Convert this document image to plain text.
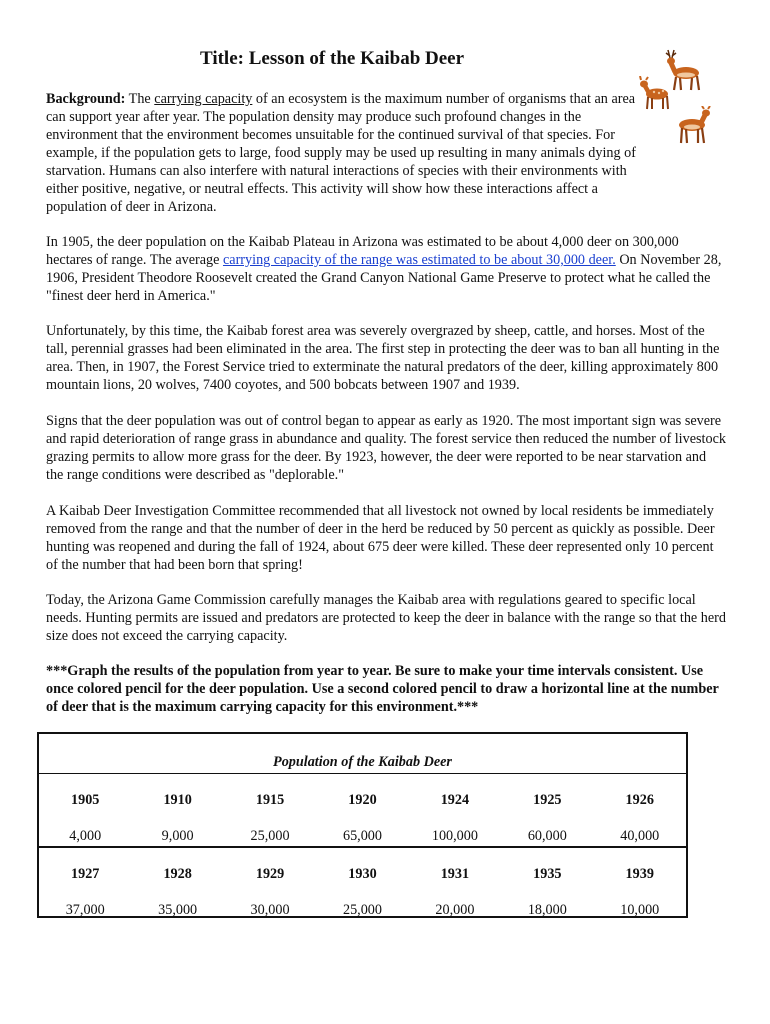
Title: Lesson of the Kaibab Deer

Background: The carrying capacity of an ecosystem is the maximum number of organisms that an area can support year after year. The population density may produce such profound changes in the environment that the environment becomes unsuitable for the continued survival of that species. For example, if the population gets to large, food supply may be used up resulting in many animals dying of starvation. Humans can also interfere with natural interactions of species with their environments with either positive, negative, or neutral effects. This activity will show how these interactions affect a population of deer in Arizona.

In 1905, the deer population on the Kaibab Plateau in Arizona was estimated to be about 4,000 deer on 300,000 hectares of range. The average carrying capacity of the range was estimated to be about 30,000 deer. On November 28, 1906, President Theodore Roosevelt created the Grand Canyon National Game Preserve to protect what he called the "finest deer herd in America."

Unfortunately, by this time, the Kaibab forest area was severely overgrazed by sheep, cattle, and horses. Most of the tall, perennial grasses had been eliminated in the area. The first step in protecting the deer was to ban all hunting in the area. Then, in 1907, the Forest Service tried to exterminate the natural predators of the deer, killing approximately 800 mountain lions, 20 wolves, 7400 coyotes, and 500 bobcats between 1907 and 1939.

Signs that the deer population was out of control began to appear as early as 1920. The most important sign was severe and rapid deterioration of range grass in abundance and quality. The forest service then reduced the number of livestock grazing permits to allow more grass for the deer. By 1923, however, the deer were reported to be near starvation and the range conditions were described as "deplorable."

A Kaibab Deer Investigation Committee recommended that all livestock not owned by local residents be immediately removed from the range and that the number of deer in the herd be reduced by 50 percent as quickly as possible. Deer hunting was reopened and during the fall of 1924, about 675 deer were killed. These deer represented only 10 percent of the number that had been born that spring!

Today, the Arizona Game Commission carefully manages the Kaibab area with regulations geared to specific local needs. Hunting permits are issued and predators are protected to keep the deer in balance with the range so that the herd size does not exceed the carrying capacity.

***Graph the results of the population from year to year. Be sure to make your time intervals consistent. Use once colored pencil for the deer population. Use a second colored pencil to draw a horizontal line at the number of deer that is the maximum carrying capacity for this environment.***

Population of the Kaibab Deer
1905	1910	1915	1920	1924	1925	1926
4,000	9,000	25,000	65,000	100,000	60,000	40,000
1927	1928	1929	1930	1931	1935	1939
37,000	35,000	30,000	25,000	20,000	18,000	10,000
